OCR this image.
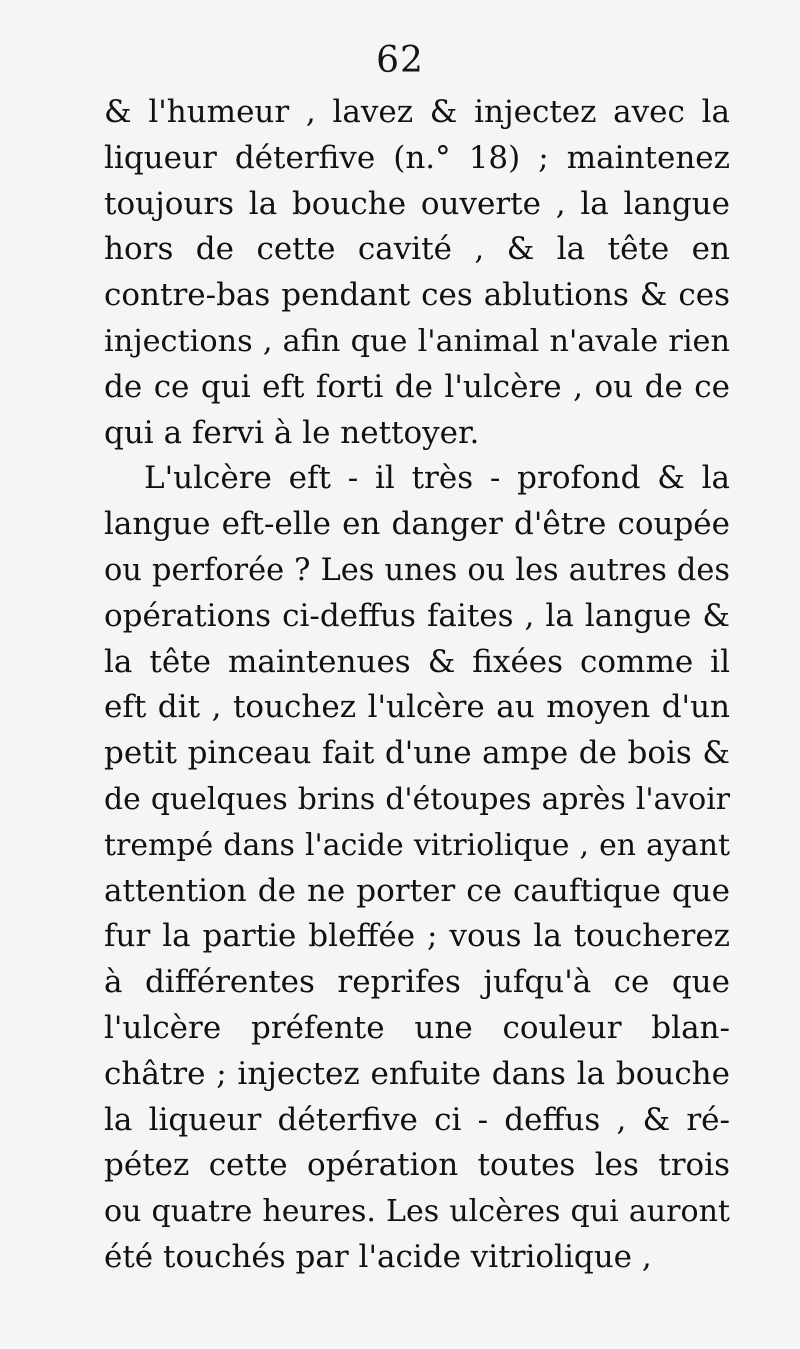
62
& l'humeur , lavez & injectez avec la
liqueur déterfive (n.° 18) ; maintenez
toujours la bouche ouverte , la langue
hors de cette cavité , & la tête en
contre-bas pendant ces ablutions & ces
injections , afin que l'animal n'avale rien
de ce qui eft forti de l'ulcère , ou de ce
qui a fervi à le nettoyer.
L'ulcère eft - il très - profond & la
langue eft-elle en danger d'être coupée
ou perforée ? Les unes ou les autres des
opérations ci-deffus faites , la langue &
la tête maintenues & fixées comme il
eft dit , touchez l'ulcère au moyen d'un
petit pinceau fait d'une ampe de bois &
de quelques brins d'étoupes après l'avoir
trempé dans l'acide vitriolique , en ayant
attention de ne porter ce cauftique que
fur la partie bleffée ; vous la toucherez
à différentes reprifes jufqu'à ce que
l'ulcère préfente une couleur blan-
châtre ; injectez enfuite dans la bouche
la liqueur déterfive ci - deffus , & ré-
pétez cette opération toutes les trois
ou quatre heures. Les ulcères qui auront
été touchés par l'acide vitriolique ,
